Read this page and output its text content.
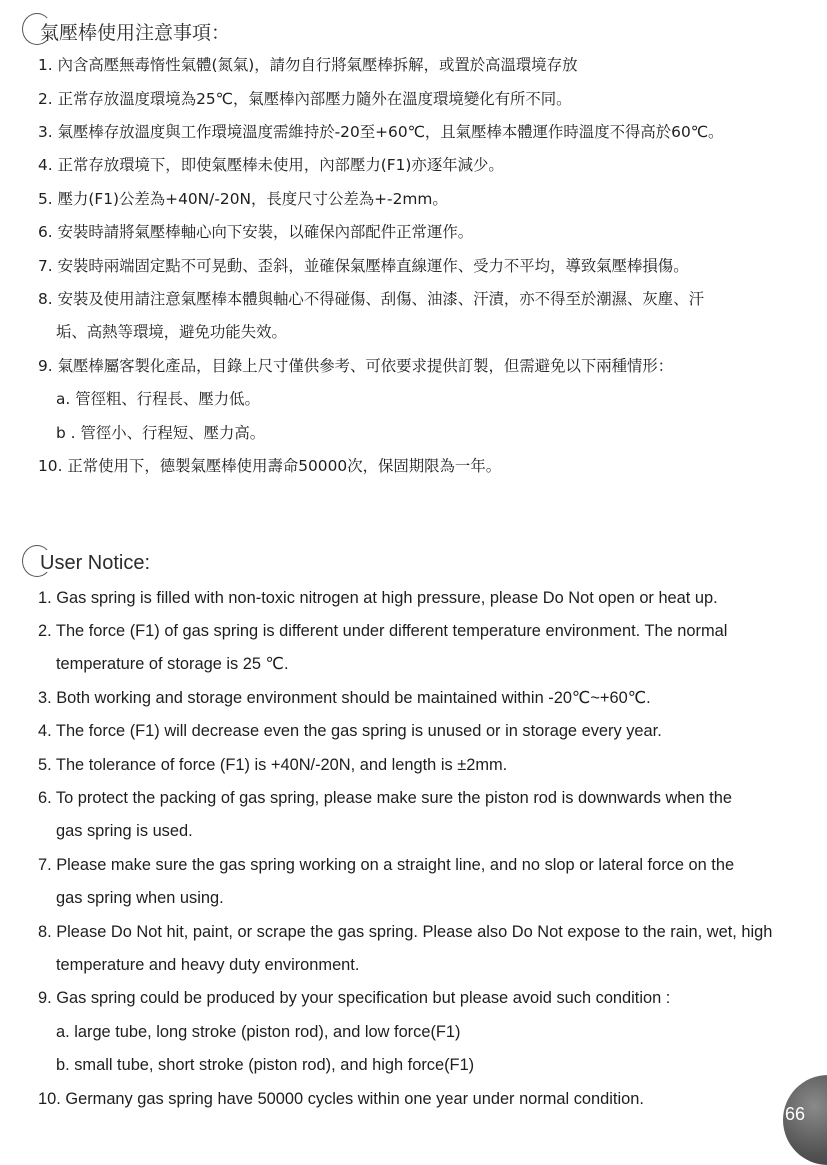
氣壓棒使用注意事項：
1. 內含高壓無毒惰性氣體(氮氣)，請勿自行將氣壓棒拆解，或置於高溫環境存放
2. 正常存放溫度環境為25℃，氣壓棒內部壓力隨外在溫度環境變化有所不同。
3. 氣壓棒存放溫度與工作環境溫度需維持於-20至+60℃，且氣壓棒本體運作時溫度不得高於60℃。
4. 正常存放環境下，即使氣壓棒未使用，內部壓力(F1)亦逐年減少。
5. 壓力(F1)公差為+40N/-20N，長度尺寸公差為+-2mm。
6. 安裝時請將氣壓棒軸心向下安裝，以確保內部配件正常運作。
7. 安裝時兩端固定點不可晃動、歪斜，並確保氣壓棒直線運作、受力不平均，導致氣壓棒損傷。
8. 安裝及使用請注意氣壓棒本體與軸心不得碰傷、刮傷、油漆、汗漬，亦不得至於潮濕、灰塵、汗
垢、高熱等環境，避免功能失效。
9. 氣壓棒屬客製化產品，目錄上尺寸僅供參考、可依要求提供訂製，但需避免以下兩種情形：
a. 管徑粗、行程長、壓力低。
b . 管徑小、行程短、壓力高。
10. 正常使用下，德製氣壓棒使用壽命50000次，保固期限為一年。
User Notice:
1. Gas spring is filled with non-toxic nitrogen at high pressure, please Do Not open or heat up.
2. The force (F1) of gas spring is different under different temperature environment. The normal
temperature of storage is 25 ℃.
3. Both working and storage environment should be maintained within -20℃~+60℃.
4. The force (F1) will decrease even the gas spring is unused or in storage every year.
5. The tolerance of force (F1) is +40N/-20N, and length is ±2mm.
6. To protect the packing of gas spring, please make sure the piston rod is downwards when the
gas spring is used.
7. Please make sure the gas spring working on a straight line, and no slop or lateral force on the
gas spring when using.
8. Please Do Not hit, paint, or scrape the gas spring. Please also Do Not expose to the rain, wet, high
temperature and heavy duty environment.
9. Gas spring could be produced by your specification but please avoid such condition :
a. large tube, long stroke (piston rod), and low force(F1)
b. small tube, short stroke (piston rod), and high force(F1)
10. Germany gas spring have 50000 cycles within one year under normal condition.
66
